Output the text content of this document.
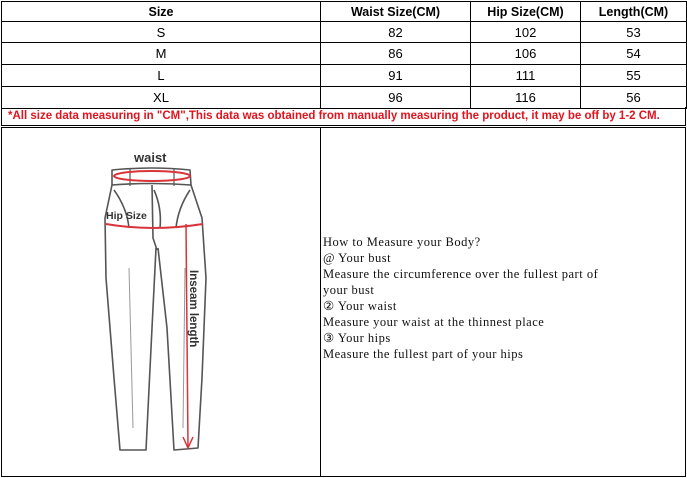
Size	Waist Size(CM)	Hip Size(CM)	Length(CM)
S	82	102	53
M	86	106	54
L	91	111	55
XL	96	116	56
*All size data measuring in "CM",This data was obtained from manually measuring the product, it may be off by 1-2 CM.
waist
Hip Size
Inseam length
How to Measure your Body?
@ Your bust
Measure the circumference over the fullest part of
your bust
② Your waist
Measure your waist at the thinnest place
③ Your hips
Measure the fullest part of your hips
